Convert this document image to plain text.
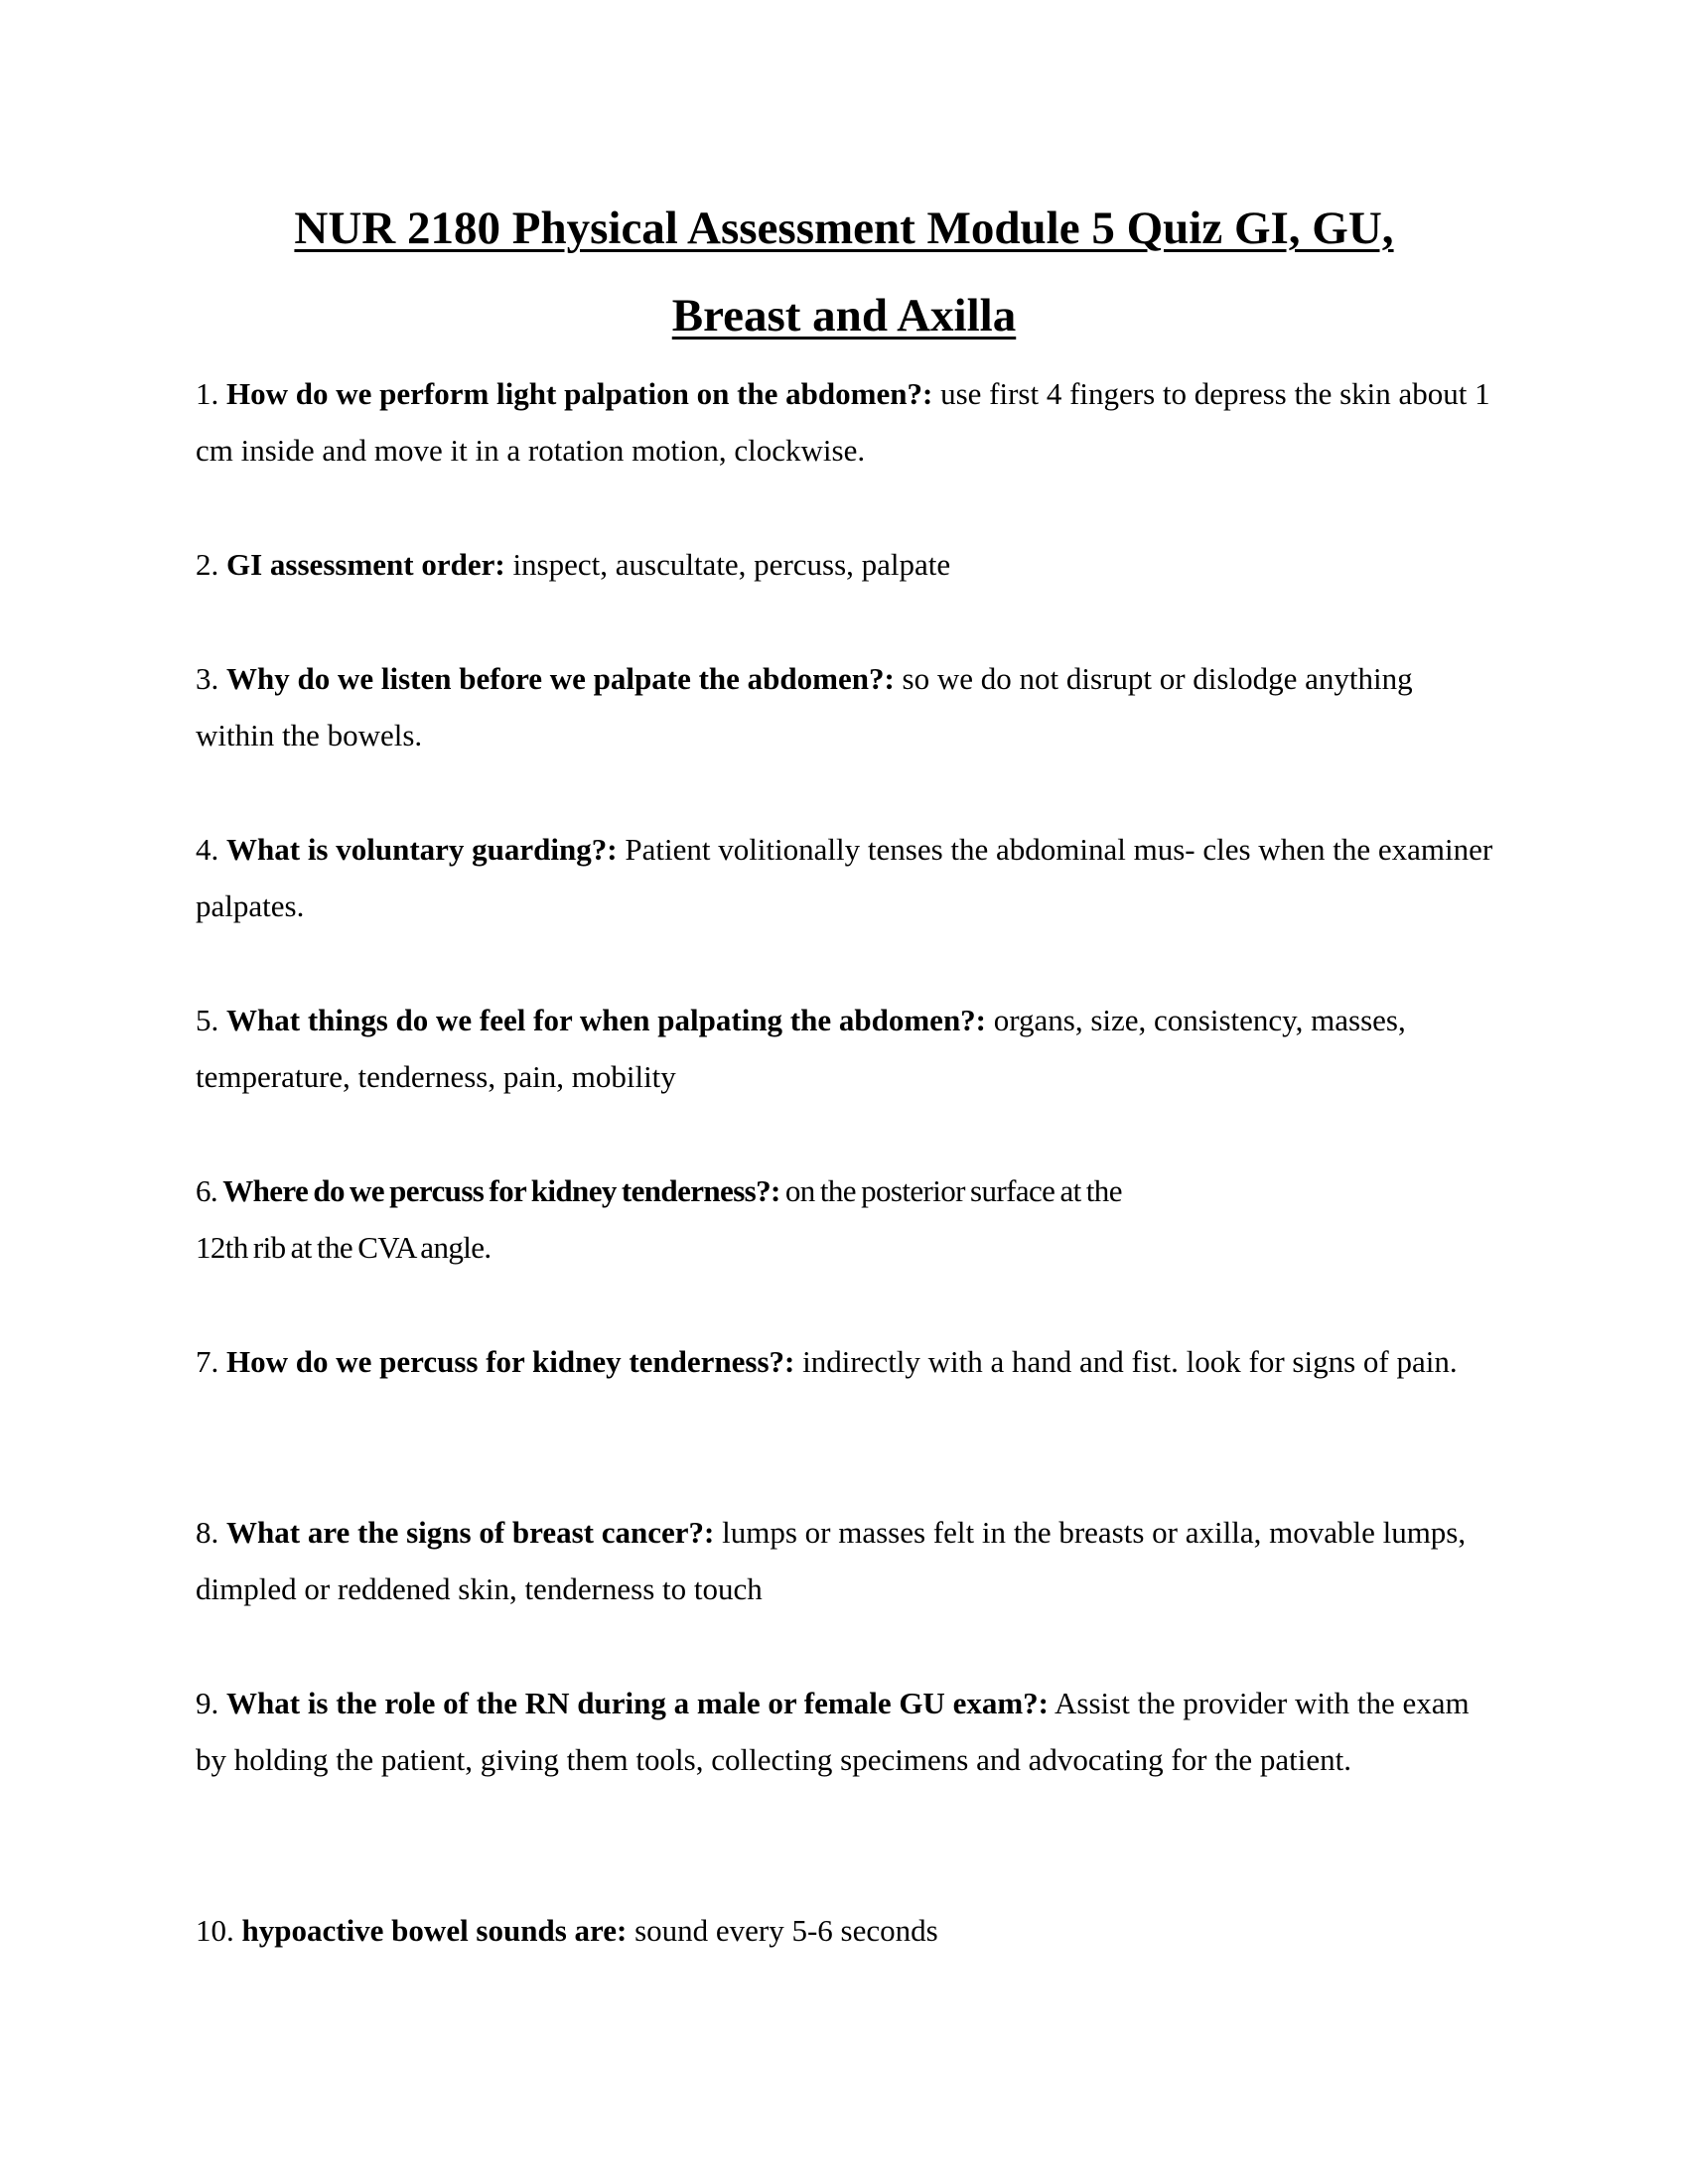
NUR 2180 Physical Assessment Module 5 Quiz GI, GU,
Breast and Axilla

1. How do we perform light palpation on the abdomen?: use first 4 fingers to depress the skin about 1 cm inside and move it in a rotation motion, clockwise.

2. GI assessment order: inspect, auscultate, percuss, palpate

3. Why do we listen before we palpate the abdomen?: so we do not disrupt or dislodge anything within the bowels.

4. What is voluntary guarding?: Patient volitionally tenses the abdominal mus- cles when the examiner palpates.

5. What things do we feel for when palpating the abdomen?: organs, size, consistency, masses, temperature, tenderness, pain, mobility

6. Where do we percuss for kidney tenderness?: on the posterior surface at the
12th rib at the CVA angle.

7. How do we percuss for kidney tenderness?: indirectly with a hand and fist. look for signs of pain.

8. What are the signs of breast cancer?: lumps or masses felt in the breasts or axilla, movable lumps, dimpled or reddened skin, tenderness to touch

9. What is the role of the RN during a male or female GU exam?: Assist the provider with the exam by holding the patient, giving them tools, collecting specimens and advocating for the patient.

10. hypoactive bowel sounds are: sound every 5-6 seconds
